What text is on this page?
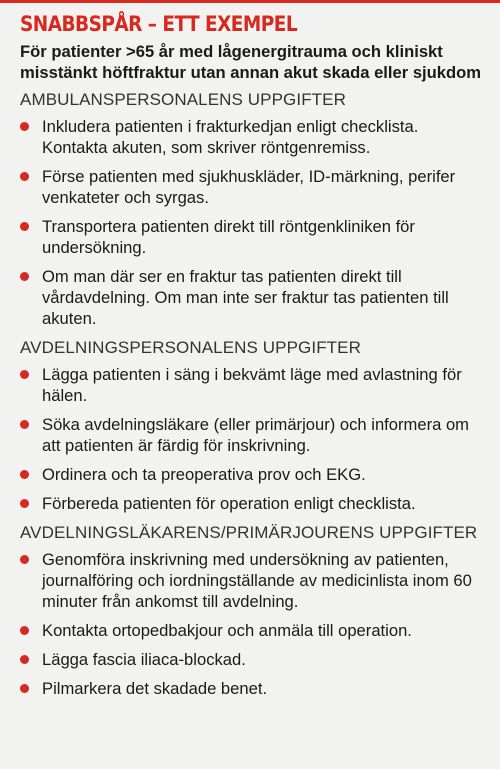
SNABBSPÅR – ETT EXEMPEL
För patienter >65 år med lågenergitrauma och kliniskt misstänkt höftfraktur utan annan akut skada eller sjukdom
AMBULANSPERSONALENS UPPGIFTER
Inkludera patienten i frakturkedjan enligt checklista. Kontakta akuten, som skriver röntgenremiss.
Förse patienten med sjukhuskläder, ID-märkning, perifer venkateter och syrgas.
Transportera patienten direkt till röntgenkliniken för undersökning.
Om man där ser en fraktur tas patienten direkt till vårdavdelning. Om man inte ser fraktur tas patienten till akuten.
AVDELNINGSPERSONALENS UPPGIFTER
Lägga patienten i säng i bekvämt läge med avlastning för hälen.
Söka avdelningsläkare (eller primärjour) och informera om att patienten är färdig för inskrivning.
Ordinera och ta preoperativa prov och EKG.
Förbereda patienten för operation enligt checklista.
AVDELNINGSLÄKARENS/PRIMÄRJOURENS UPPGIFTER
Genomföra inskrivning med undersökning av patienten, journalföring och iordningställande av medicinlista inom 60 minuter från ankomst till avdelning.
Kontakta ortopedbakjour och anmäla till operation.
Lägga fascia iliaca-blockad.
Pilmarkera det skadade benet.
